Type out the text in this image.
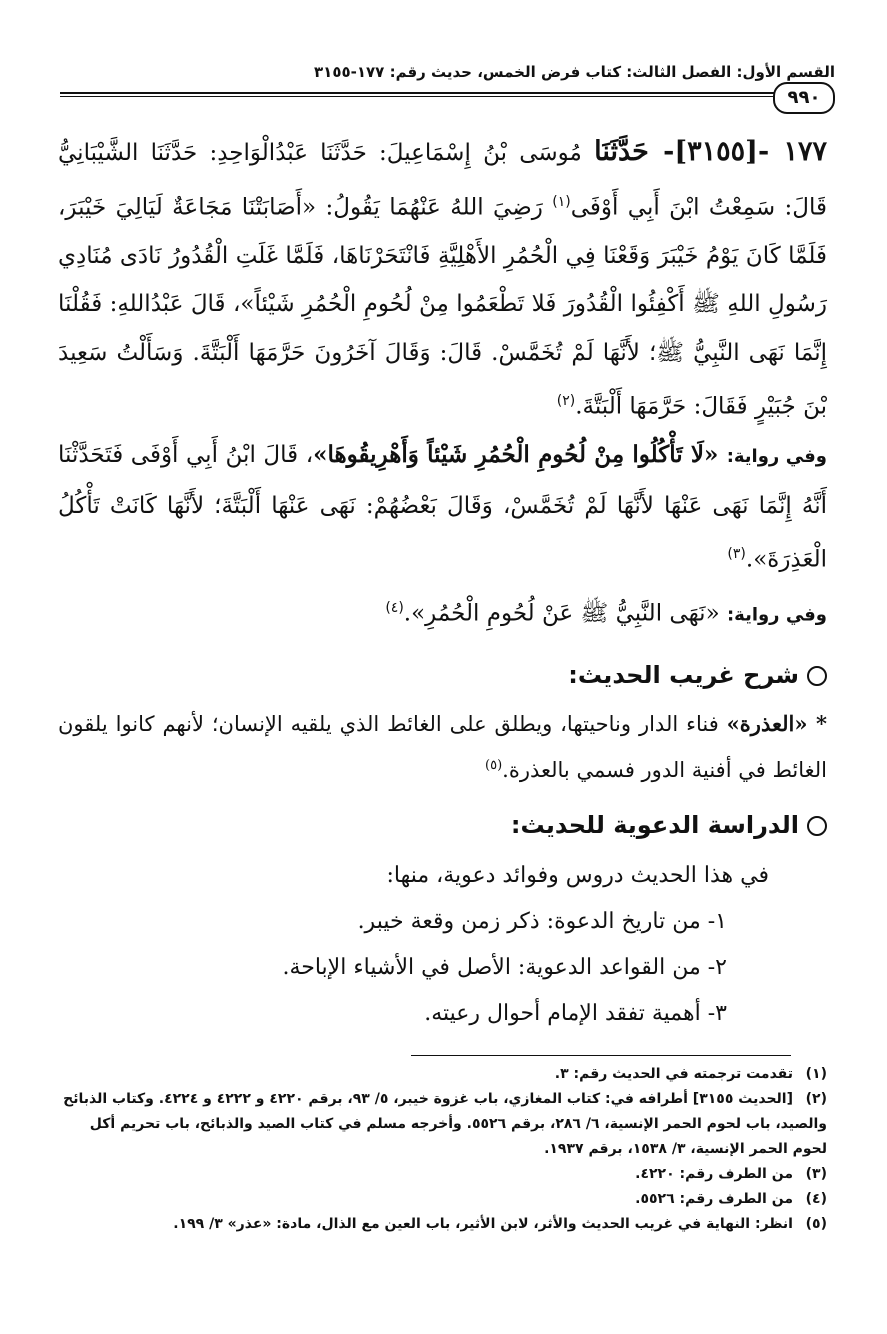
القسم الأول: الفصل الثالث: كتاب فرض الخمس، حديث رقم: ١٧٧-٣١٥٥
٩٩٠

١٧٧ -[٣١٥٥]- حَدَّثَنَا مُوسَى بْنُ إِسْمَاعِيلَ: حَدَّثَنَا عَبْدُالْوَاحِدِ: حَدَّثَنَا الشَّيْبَانِيُّ قَالَ: سَمِعْتُ ابْنَ أَبِي أَوْفَى$^{(١)}$ رَضِيَ اللهُ عَنْهُمَا يَقُولُ: «أَصَابَتْنَا مَجَاعَةٌ لَيَالِيَ خَيْبَرَ، فَلَمَّا كَانَ يَوْمُ خَيْبَرَ وَقَعْنَا فِي الْحُمُرِ الأَهْلِيَّةِ فَانْتَحَرْنَاهَا، فَلَمَّا غَلَتِ الْقُدُورُ نَادَى مُنَادِي رَسُولِ اللهِ ﷺ أَكْفِئُوا الْقُدُورَ فَلا تَطْعَمُوا مِنْ لُحُومِ الْحُمُرِ شَيْئاً»، قَالَ عَبْدُاللهِ: فَقُلْنَا إِنَّمَا نَهَى النَّبِيُّ ﷺ؛ لأَنَّهَا لَمْ تُخَمَّسْ. قَالَ: وَقَالَ آخَرُونَ حَرَّمَهَا أَلْبَتَّةَ. وَسَأَلْتُ سَعِيدَ بْنَ جُبَيْرٍ فَقَالَ: حَرَّمَهَا أَلْبَتَّةَ.$^{(٢)}$

وفي رواية: «لَا تَأْكُلُوا مِنْ لُحُومِ الْحُمُرِ شَيْئاً وَأَهْرِيقُوهَا»، قَالَ ابْنُ أَبِي أَوْفَى فَتَحَدَّثْنَا أَنَّهُ إِنَّمَا نَهَى عَنْهَا لأَنَّهَا لَمْ تُخَمَّسْ، وَقَالَ بَعْضُهُمْ: نَهَى عَنْهَا أَلْبَتَّةَ؛ لأَنَّهَا كَانَتْ تَأْكُلُ الْعَذِرَةَ».$^{(٣)}$

وفي رواية: «نَهَى النَّبِيُّ ﷺ عَنْ لُحُومِ الْحُمُرِ».$^{(٤)}$

شرح غريب الحديث:
* «العذرة» فناء الدار وناحيتها، ويطلق على الغائط الذي يلقيه الإنسان؛ لأنهم كانوا يلقون الغائط في أفنية الدور فسمي بالعذرة.$^{(٥)}$
الدراسة الدعوية للحديث:
في هذا الحديث دروس وفوائد دعوية، منها:
١- من تاريخ الدعوة: ذكر زمن وقعة خيبر.
٢- من القواعد الدعوية: الأصل في الأشياء الإباحة.
٣- أهمية تفقد الإمام أحوال رعيته.
(١)تقدمت ترجمته في الحديث رقم: ٣.
(٢)[الحديث ٣١٥٥] أطرافه في: كتاب المغازي، باب غزوة خيبر، ٥/ ٩٣، برقم ٤٢٢٠ و ٤٢٢٢ و ٤٢٢٤. وكتاب الذبائح والصيد، باب لحوم الحمر الإنسية، ٦/ ٢٨٦، برقم ٥٥٢٦. وأخرجه مسلم في كتاب الصيد والذبائح، باب تحريم أكل لحوم الحمر الإنسية، ٣/ ١٥٣٨، برقم ١٩٣٧.
(٣)من الطرف رقم: ٤٢٢٠.
(٤)من الطرف رقم: ٥٥٢٦.
(٥)انظر: النهاية في غريب الحديث والأثر، لابن الأثير، باب العين مع الذال، مادة: «عذر» ٣/ ١٩٩.
